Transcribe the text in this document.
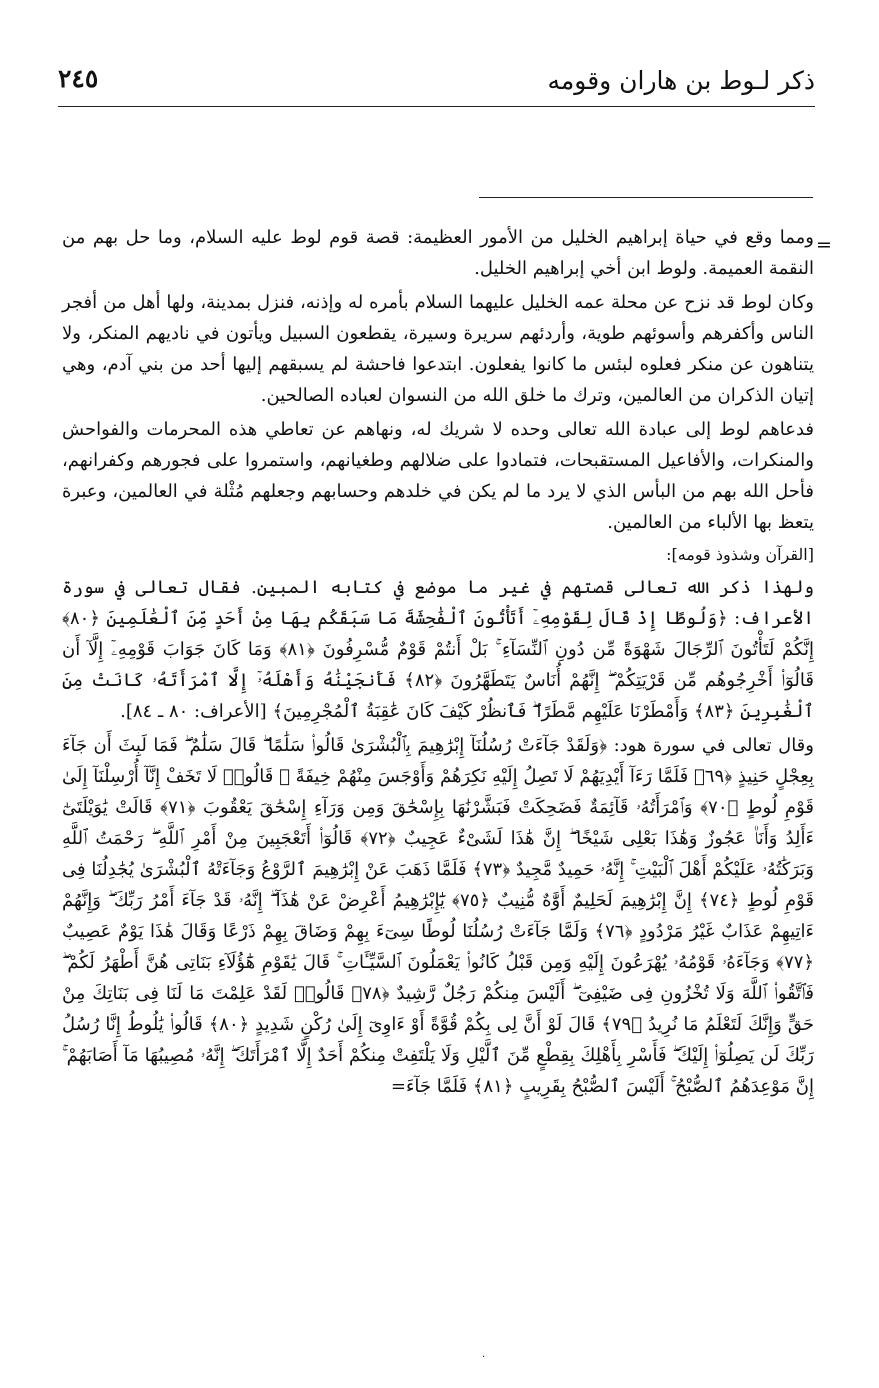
ذكر لـوط بن هاران وقومه
٢٤٥
=

ومما وقع في حياة إبراهيم الخليل من الأمور العظيمة: قصة قوم لوط عليه السلام، وما حل بهم من النقمة العميمة. ولوط ابن أخي إبراهيم الخليل.

وكان لوط قد نزح عن محلة عمه الخليل عليهما السلام بأمره له وإذنه، فنزل بمدينة، ولها أهل من أفجر الناس وأكفرهم وأسوئهم طوية، وأردئهم سريرة وسيرة، يقطعون السبيل ويأتون في ناديهم المنكر، ولا يتناهون عن منكر فعلوه لبئس ما كانوا يفعلون. ابتدعوا فاحشة لم يسبقهم إليها أحد من بني آدم، وهي إتيان الذكران من العالمين، وترك ما خلق الله من النسوان لعباده الصالحين.

فدعاهم لوط إلى عبادة الله تعالى وحده لا شريك له، ونهاهم عن تعاطي هذه المحرمات والفواحش والمنكرات، والأفاعيل المستقبحات، فتمادوا على ضلالهم وطغيانهم، واستمروا على فجورهم وكفرانهم، فأحل الله بهم من البأس الذي لا يرد ما لم يكن في خلدهم وحسابهم وجعلهم مُثْلة في العالمين، وعبرة يتعظ بها الألباء من العالمين.

[القرآن وشذوذ قومه]:

ولهذا ذكر الله تعالى قصتهم في غير ما موضع في كتابه المبين. فقال تعالى في سورة الأعراف: ﴿وَلُوطًا إِذْ قَالَ لِقَوْمِهِۦٓ أَتَأْتُونَ ٱلْفَٰحِشَةَ مَا سَبَقَكُم بِهَا مِنْ أَحَدٍ مِّنَ ٱلْعَٰلَمِينَ ﴿٨٠﴾ إِنَّكُمْ لَتَأْتُونَ ٱلرِّجَالَ شَهْوَةً مِّن دُونِ ٱلنِّسَآءِ ۚ بَلْ أَنتُمْ قَوْمٌ مُّسْرِفُونَ ﴿٨١﴾ وَمَا كَانَ جَوَابَ قَوْمِهِۦٓ إِلَّآ أَن قَالُوٓا۟ أَخْرِجُوهُم مِّن قَرْيَتِكُمْ ۖ إِنَّهُمْ أُنَاسٌ يَتَطَهَّرُونَ ﴿٨٢﴾ فَأَنجَيْنَٰهُ وَأَهْلَهُۥٓ إِلَّا ٱمْرَأَتَهُۥ كَانَتْ مِنَ ٱلْغَٰبِرِينَ ﴿٨٣﴾ وَأَمْطَرْنَا عَلَيْهِم مَّطَرًا ۖ فَٱنظُرْ كَيْفَ كَانَ عَٰقِبَةُ ٱلْمُجْرِمِينَ﴾ [الأعراف: ٨٠ ـ ٨٤].

وقال تعالى في سورة هود: ﴿وَلَقَدْ جَآءَتْ رُسُلُنَآ إِبْرَٰهِيمَ بِٱلْبُشْرَىٰ قَالُوا۟ سَلَٰمًا ۖ قَالَ سَلَٰمٌ ۖ فَمَا لَبِثَ أَن جَآءَ بِعِجْلٍ حَنِيذٍ ﴿٦٩﴾ فَلَمَّا رَءَآ أَيْدِيَهُمْ لَا تَصِلُ إِلَيْهِ نَكِرَهُمْ وَأَوْجَسَ مِنْهُمْ خِيفَةً ۚ قَالُوا۟ لَا تَخَفْ إِنَّآ أُرْسِلْنَآ إِلَىٰ قَوْمِ لُوطٍ ﴿٧٠﴾ وَٱمْرَأَتُهُۥ قَآئِمَةٌ فَضَحِكَتْ فَبَشَّرْنَٰهَا بِإِسْحَٰقَ وَمِن وَرَآءِ إِسْحَٰقَ يَعْقُوبَ ﴿٧١﴾ قَالَتْ يَٰوَيْلَتَىٰٓ ءَأَلِدُ وَأَنَا۠ عَجُوزٌ وَهَٰذَا بَعْلِى شَيْخًا ۖ إِنَّ هَٰذَا لَشَىْءٌ عَجِيبٌ ﴿٧٢﴾ قَالُوٓا۟ أَتَعْجَبِينَ مِنْ أَمْرِ ٱللَّهِ ۖ رَحْمَتُ ٱللَّهِ وَبَرَكَٰتُهُۥ عَلَيْكُمْ أَهْلَ ٱلْبَيْتِ ۚ إِنَّهُۥ حَمِيدٌ مَّجِيدٌ ﴿٧٣﴾ فَلَمَّا ذَهَبَ عَنْ إِبْرَٰهِيمَ ٱلرَّوْعُ وَجَآءَتْهُ ٱلْبُشْرَىٰ يُجَٰدِلُنَا فِى قَوْمِ لُوطٍ ﴿٧٤﴾ إِنَّ إِبْرَٰهِيمَ لَحَلِيمٌ أَوَّٰهٌ مُّنِيبٌ ﴿٧٥﴾ يَٰٓإِبْرَٰهِيمُ أَعْرِضْ عَنْ هَٰذَآ ۖ إِنَّهُۥ قَدْ جَآءَ أَمْرُ رَبِّكَ ۖ وَإِنَّهُمْ ءَاتِيهِمْ عَذَابٌ غَيْرُ مَرْدُودٍ ﴿٧٦﴾ وَلَمَّا جَآءَتْ رُسُلُنَا لُوطًا سِىٓءَ بِهِمْ وَضَاقَ بِهِمْ ذَرْعًا وَقَالَ هَٰذَا يَوْمٌ عَصِيبٌ ﴿٧٧﴾ وَجَآءَهُۥ قَوْمُهُۥ يُهْرَعُونَ إِلَيْهِ وَمِن قَبْلُ كَانُوا۟ يَعْمَلُونَ ٱلسَّيِّـَٔاتِ ۚ قَالَ يَٰقَوْمِ هَٰٓؤُلَآءِ بَنَاتِى هُنَّ أَطْهَرُ لَكُمْ ۖ فَٱتَّقُوا۟ ٱللَّهَ وَلَا تُخْزُونِ فِى ضَيْفِىٓ ۖ أَلَيْسَ مِنكُمْ رَجُلٌ رَّشِيدٌ ﴿٧٨﴾ قَالُوا۟ لَقَدْ عَلِمْتَ مَا لَنَا فِى بَنَاتِكَ مِنْ حَقٍّ وَإِنَّكَ لَتَعْلَمُ مَا نُرِيدُ ﴿٧٩﴾ قَالَ لَوْ أَنَّ لِى بِكُمْ قُوَّةً أَوْ ءَاوِىٓ إِلَىٰ رُكْنٍ شَدِيدٍ ﴿٨٠﴾ قَالُوا۟ يَٰلُوطُ إِنَّا رُسُلُ رَبِّكَ لَن يَصِلُوٓا۟ إِلَيْكَ ۖ فَأَسْرِ بِأَهْلِكَ بِقِطْعٍ مِّنَ ٱلَّيْلِ وَلَا يَلْتَفِتْ مِنكُمْ أَحَدٌ إِلَّا ٱمْرَأَتَكَ ۖ إِنَّهُۥ مُصِيبُهَا مَآ أَصَابَهُمْ ۚ إِنَّ مَوْعِدَهُمُ ٱلصُّبْحُ ۚ أَلَيْسَ ٱلصُّبْحُ بِقَرِيبٍ ﴿٨١﴾ فَلَمَّا جَآءَ=

·
